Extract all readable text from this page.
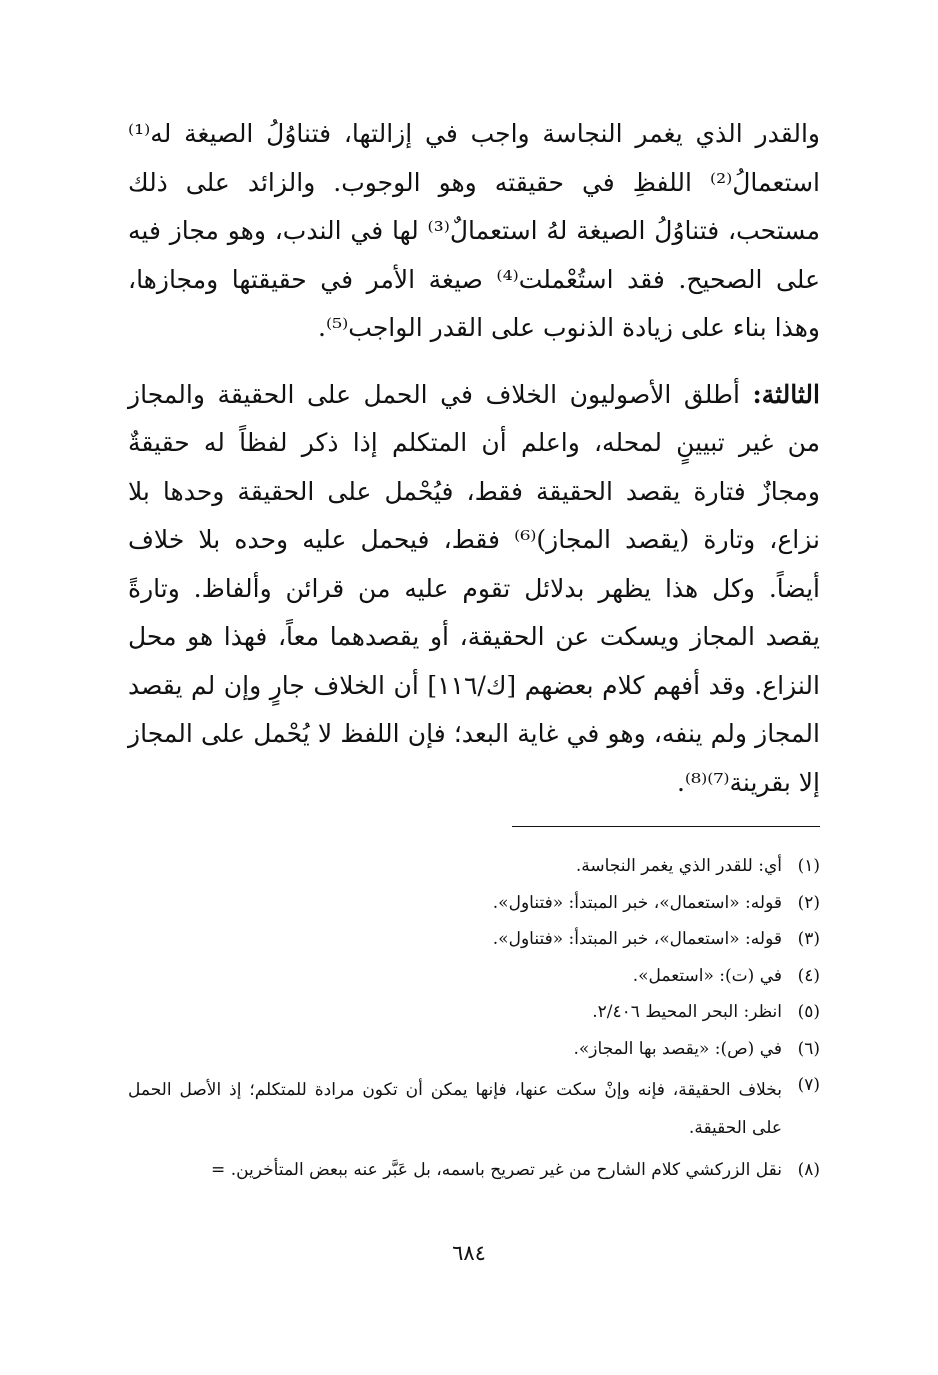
والقدر الذي يغمر النجاسة واجب في إزالتها، فتناوُلُ الصيغة له⁽¹⁾ استعمالُ⁽²⁾ اللفظِ في حقيقته وهو الوجوب. والزائد على ذلك مستحب، فتناوُلُ الصيغة لهُ استعمالٌ⁽³⁾ لها في الندب، وهو مجاز فيه على الصحيح. فقد استُعْملت⁽⁴⁾ صيغة الأمر في حقيقتها ومجازها، وهذا بناء على زيادة الذنوب على القدر الواجب⁽⁵⁾.

الثالثة: أطلق الأصوليون الخلاف في الحمل على الحقيقة والمجاز من غير تبيينٍ لمحله، واعلم أن المتكلم إذا ذكر لفظاً له حقيقةٌ ومجازٌ فتارة يقصد الحقيقة فقط، فيُحْمل على الحقيقة وحدها بلا نزاع، وتارة (يقصد المجاز)⁽⁶⁾ فقط، فيحمل عليه وحده بلا خلاف أيضاً. وكل هذا يظهر بدلائل تقوم عليه من قرائن وألفاظ. وتارةً يقصد المجاز ويسكت عن الحقيقة، أو يقصدهما معاً، فهذا هو محل النزاع. وقد أفهم كلام بعضهم [ك/١١٦] أن الخلاف جارٍ وإن لم يقصد المجاز ولم ينفه، وهو في غاية البعد؛ فإن اللفظ لا يُحْمل على المجاز إلا بقرينة⁽⁷⁾⁽⁸⁾.

(١)
أي: للقدر الذي يغمر النجاسة.
(٢)
قوله: «استعمال»، خبر المبتدأ: «فتناول».
(٣)
قوله: «استعمال»، خبر المبتدأ: «فتناول».
(٤)
في (ت): «استعمل».
(٥)
انظر: البحر المحيط ٢/٤٠٦.
(٦)
في (ص): «يقصد بها المجاز».
(٧)
بخلاف الحقيقة، فإنه وإنْ سكت عنها، فإنها يمكن أن تكون مرادة للمتكلم؛ إذ الأصل الحمل على الحقيقة.
(٨)
نقل الزركشي كلام الشارح من غير تصريح باسمه، بل عَبَّر عنه ببعض المتأخرين. =
٦٨٤
